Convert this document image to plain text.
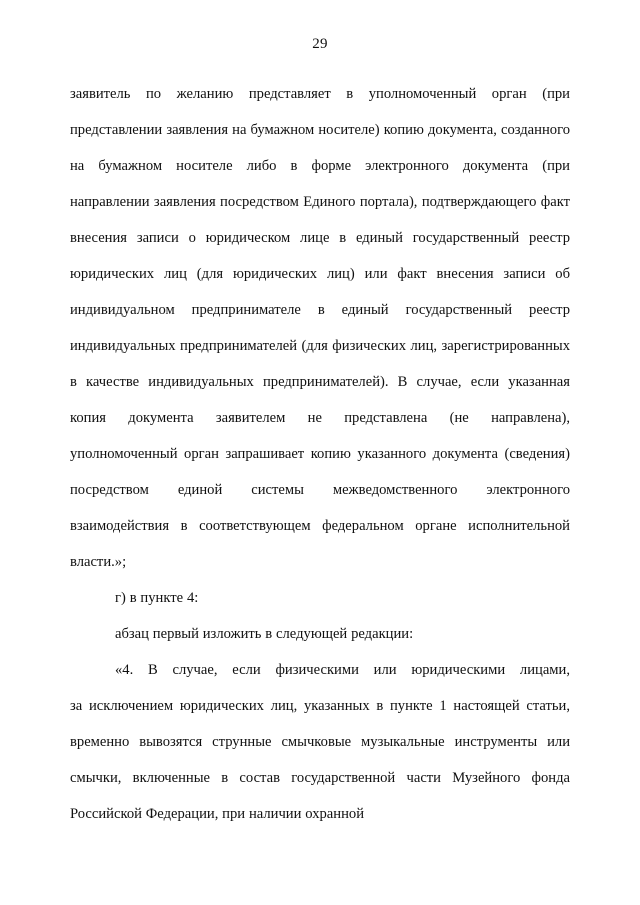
29

заявитель по желанию представляет в уполномоченный орган (при представлении заявления на бумажном носителе) копию документа, созданного на бумажном носителе либо в форме электронного документа (при направлении заявления посредством Единого портала), подтверждающего факт внесения записи о юридическом лице в единый государственный реестр юридических лиц (для юридических лиц) или факт внесения записи об индивидуальном предпринимателе в единый государственный реестр индивидуальных предпринимателей (для физических лиц, зарегистрированных в качестве индивидуальных предпринимателей). В случае, если указанная копия документа заявителем не представлена (не направлена), уполномоченный орган запрашивает копию указанного документа (сведения) посредством единой системы межведомственного электронного взаимодействия в соответствующем федеральном органе исполнительной власти.»;

г) в пункте 4:

абзац первый изложить в следующей редакции:

«4. В случае, если физическими или юридическими лицами, за исключением юридических лиц, указанных в пункте 1 настоящей статьи, временно вывозятся струнные смычковые музыкальные инструменты или смычки, включенные в состав государственной части Музейного фонда Российской Федерации, при наличии охранной
